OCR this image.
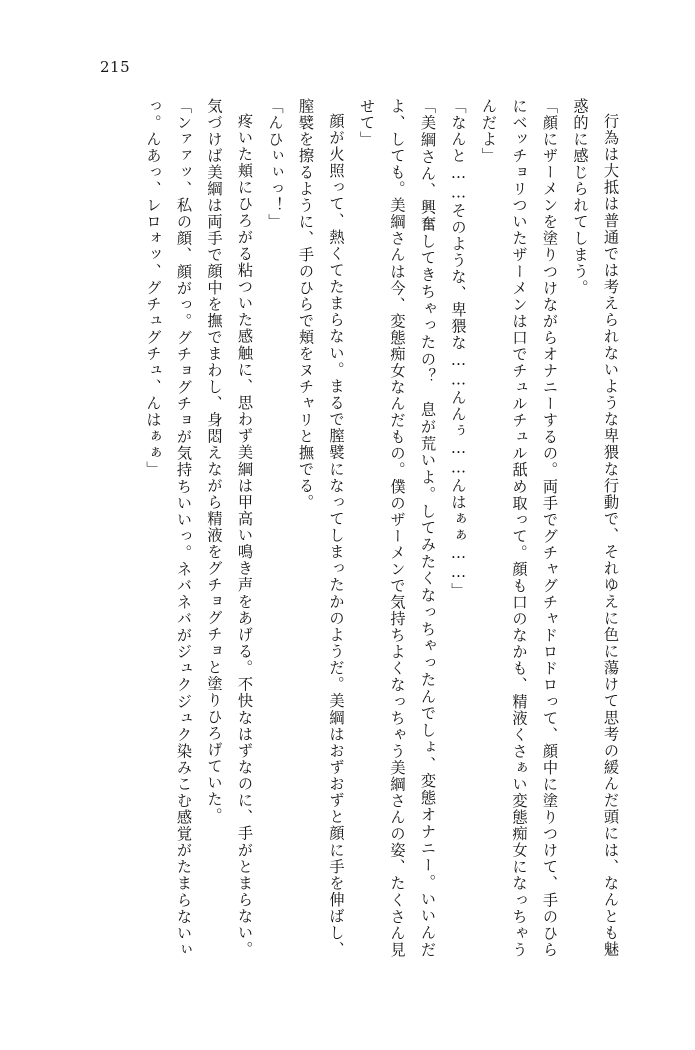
215

行為は大抵は普通では考えられないような卑猥な行動で、それゆえに色に蕩けて思考の緩んだ頭には、なんとも魅惑的に感じられてしまう。

「顔にザーメンを塗りつけながらオナニーするの。両手でグチャグチャドロドロって、顔中に塗りつけて、手のひらにベッチョリついたザーメンは口でチュルチュル舐め取って。顔も口のなかも、精液くさぁい変態痴女になっちゃうんだよ」

「なんと……そのような、卑猥な……んんぅ……んはぁぁ……」

「美綱さん、興奮してきちゃったの？　息が荒いよ。してみたくなっちゃったんでしょ、変態オナニー。いいんだよ、しても。美綱さんは今、変態痴女なんだもの。僕のザーメンで気持ちよくなっちゃう美綱さんの姿、たくさん見せて」

顔が火照って、熱くてたまらない。まるで膣襞になってしまったかのようだ。美綱はおずおずと顔に手を伸ばし、膣襞を擦るように、手のひらで頬をヌチャリと撫でる。

「んひぃぃっ！」

疼いた頬にひろがる粘ついた感触に、思わず美綱は甲高い鳴き声をあげる。不快なはずなのに、手がとまらない。気づけば美綱は両手で顔中を撫でまわし、身悶えながら精液をグチョグチョと塗りひろげていた。

「ンァァッ、私の顔、顔がっ。グチョグチョが気持ちいいっ。ネバネバがジュクジュク染みこむ感覚がたまらないぃっ。んあっ、レロォッ、グチュグチュ、んはぁぁ」
